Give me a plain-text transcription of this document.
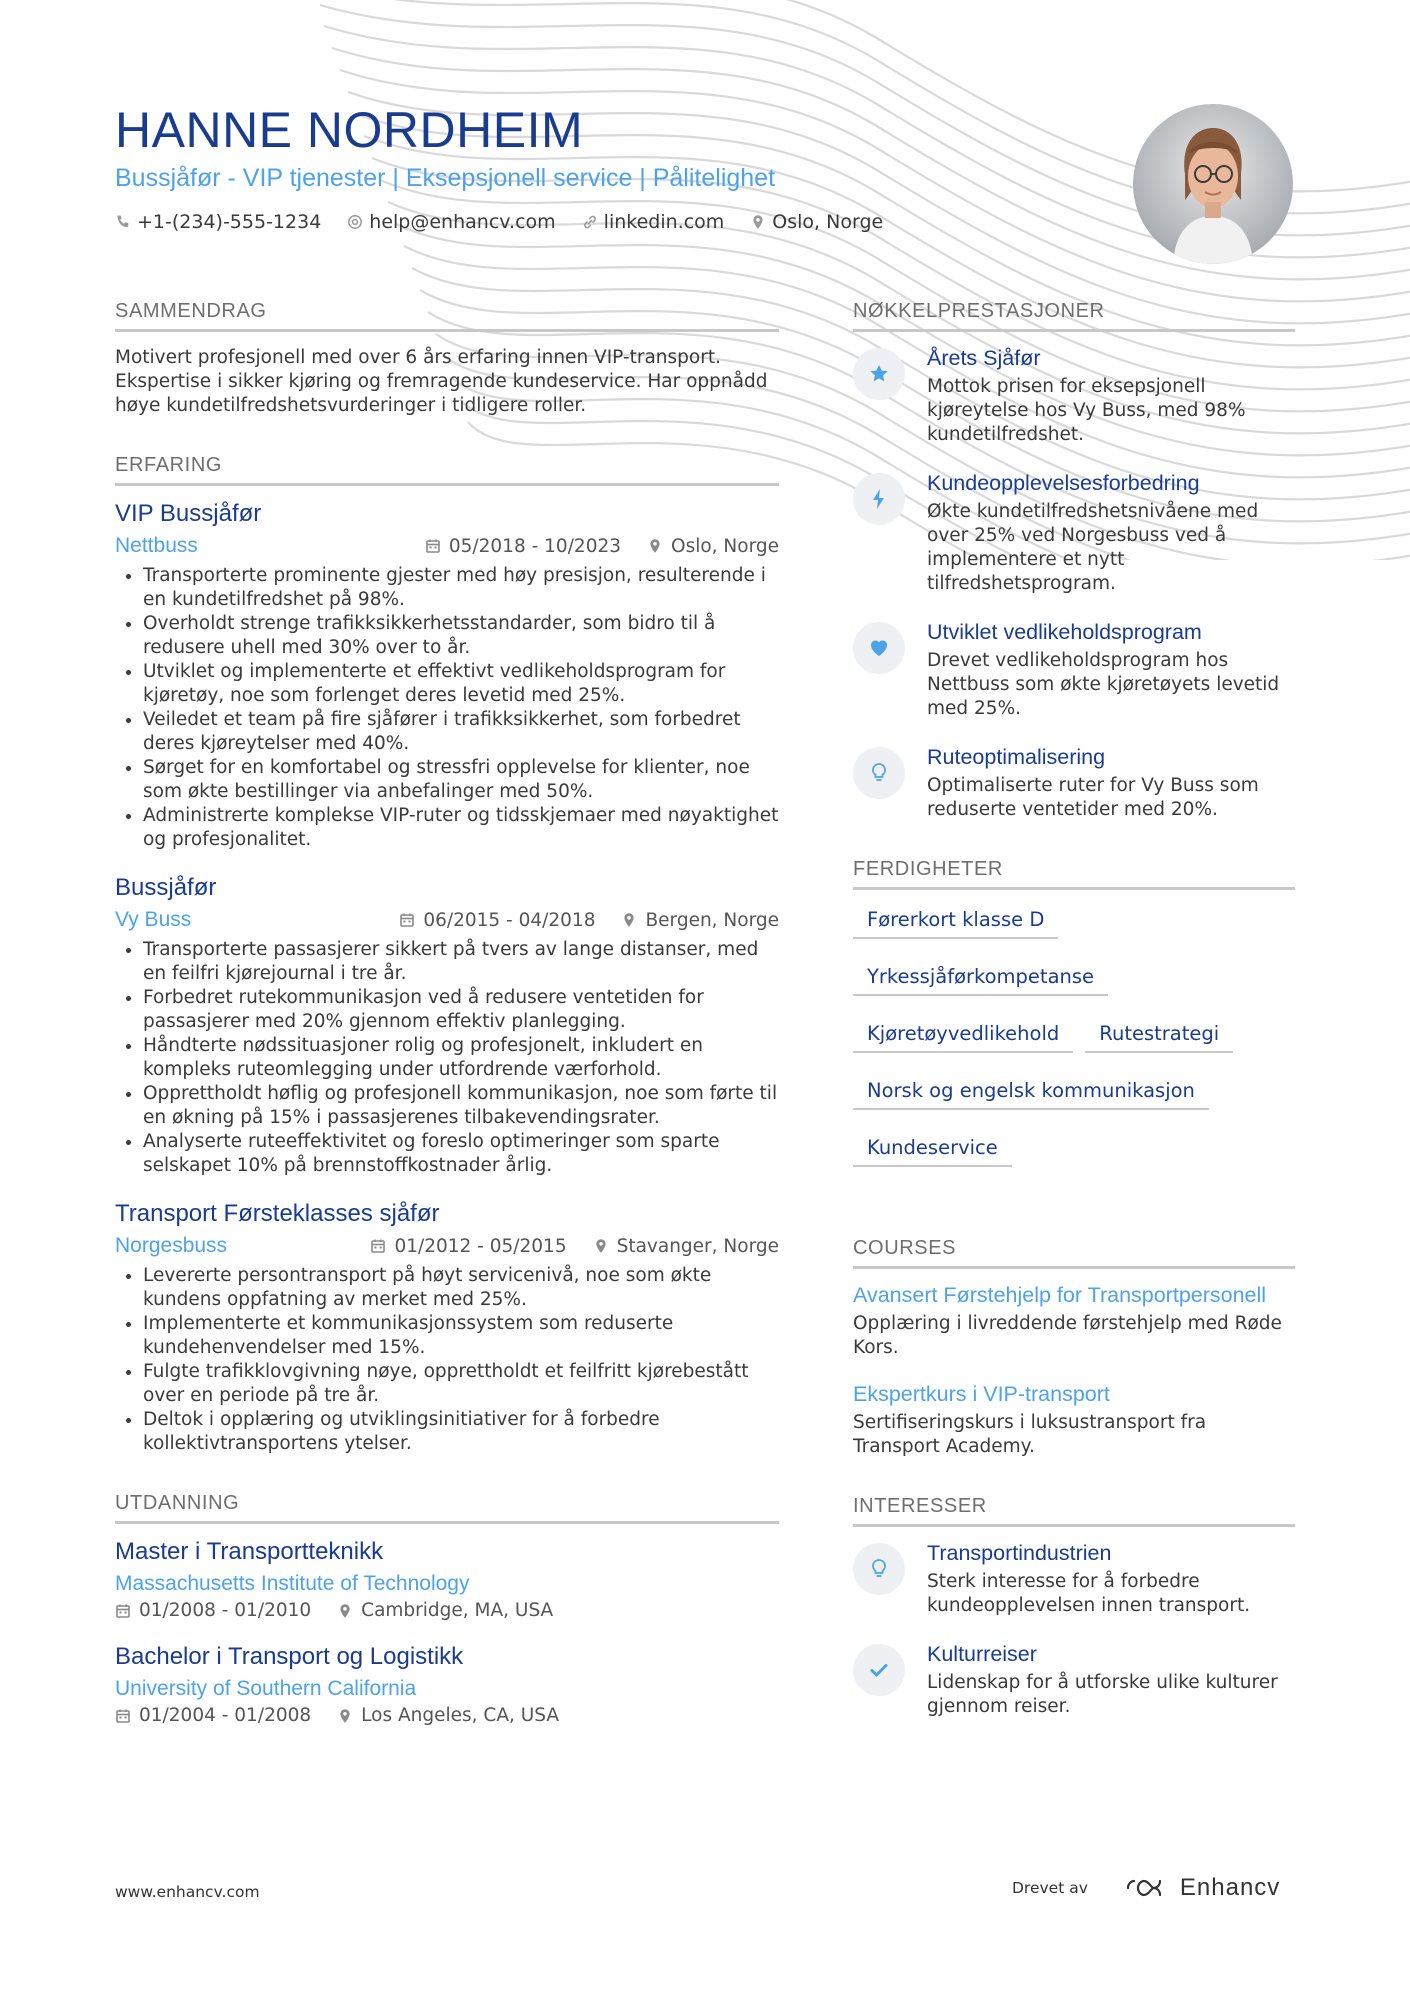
HANNE NORDHEIM
Bussjåfør - VIP tjenester | Eksepsjonell service | Pålitelighet
+1-(234)-555-1234	help@enhancv.com	linkedin.com	Oslo, Norge
SAMMENDRAG

Motivert profesjonell med over 6 års erfaring innen VIP-transport. Ekspertise i sikker kjøring og fremragende kundeservice. Har oppnådd høye kundetilfredshetsvurderinger i tidligere roller.

ERFARING
VIP Bussjåfør
Nettbuss	05/2018 - 10/2023	Oslo, Norge
• Transporterte prominente gjester med høy presisjon, resulterende i en kundetilfredshet på 98%.
• Overholdt strenge trafikksikkerhetsstandarder, som bidro til å redusere uhell med 30% over to år.
• Utviklet og implementerte et effektivt vedlikeholdsprogram for kjøretøy, noe som forlenget deres levetid med 25%.
• Veiledet et team på fire sjåfører i trafikksikkerhet, som forbedret deres kjøreytelser med 40%.
• Sørget for en komfortabel og stressfri opplevelse for klienter, noe som økte bestillinger via anbefalinger med 50%.
• Administrerte komplekse VIP-ruter og tidsskjemaer med nøyaktighet og profesjonalitet.
Bussjåfør
Vy Buss	06/2015 - 04/2018	Bergen, Norge
• Transporterte passasjerer sikkert på tvers av lange distanser, med en feilfri kjørejournal i tre år.
• Forbedret rutekommunikasjon ved å redusere ventetiden for passasjerer med 20% gjennom effektiv planlegging.
• Håndterte nødssituasjoner rolig og profesjonelt, inkludert en kompleks ruteomlegging under utfordrende værforhold.
• Opprettholdt høflig og profesjonell kommunikasjon, noe som førte til en økning på 15% i passasjerenes tilbakevendingsrater.
• Analyserte ruteeffektivitet og foreslo optimeringer som sparte selskapet 10% på brennstoffkostnader årlig.
Transport Førsteklasses sjåfør
Norgesbuss	01/2012 - 05/2015	Stavanger, Norge
• Levererte persontransport på høyt servicenivå, noe som økte kundens oppfatning av merket med 25%.
• Implementerte et kommunikasjonssystem som reduserte kundehenvendelser med 15%.
• Fulgte trafikklovgivning nøye, opprettholdt et feilfritt kjørebestått over en periode på tre år.
• Deltok i opplæring og utviklingsinitiativer for å forbedre kollektivtransportens ytelser.
UTDANNING
Master i Transportteknikk
Massachusetts Institute of Technology
01/2008 - 01/2010	Cambridge, MA, USA
Bachelor i Transport og Logistikk
University of Southern California
01/2004 - 01/2008	Los Angeles, CA, USA
NØKKELPRESTASJONER
Årets Sjåfør
Mottok prisen for eksepsjonell kjøreytelse hos Vy Buss, med 98% kundetilfredshet.
Kundeopplevelsesforbedring
Økte kundetilfredshetsnivåene med over 25% ved Norgesbuss ved å implementere et nytt tilfredshetsprogram.
Utviklet vedlikeholdsprogram
Drevet vedlikeholdsprogram hos Nettbuss som økte kjøretøyets levetid med 25%.
Ruteoptimalisering
Optimaliserte ruter for Vy Buss som reduserte ventetider med 20%.
FERDIGHETER
Førerkort klasse D
Yrkessjåførkompetanse
Kjøretøyvedlikehold	Rutestrategi
Norsk og engelsk kommunikasjon
Kundeservice
COURSES
Avansert Førstehjelp for Transportpersonell
Opplæring i livreddende førstehjelp med Røde Kors.
Ekspertkurs i VIP-transport
Sertifiseringskurs i luksustransport fra Transport Academy.
INTERESSER
Transportindustrien
Sterk interesse for å forbedre kundeopplevelsen innen transport.
Kulturreiser
Lidenskap for å utforske ulike kulturer gjennom reiser.
www.enhancv.com	Drevet av	Enhancv
